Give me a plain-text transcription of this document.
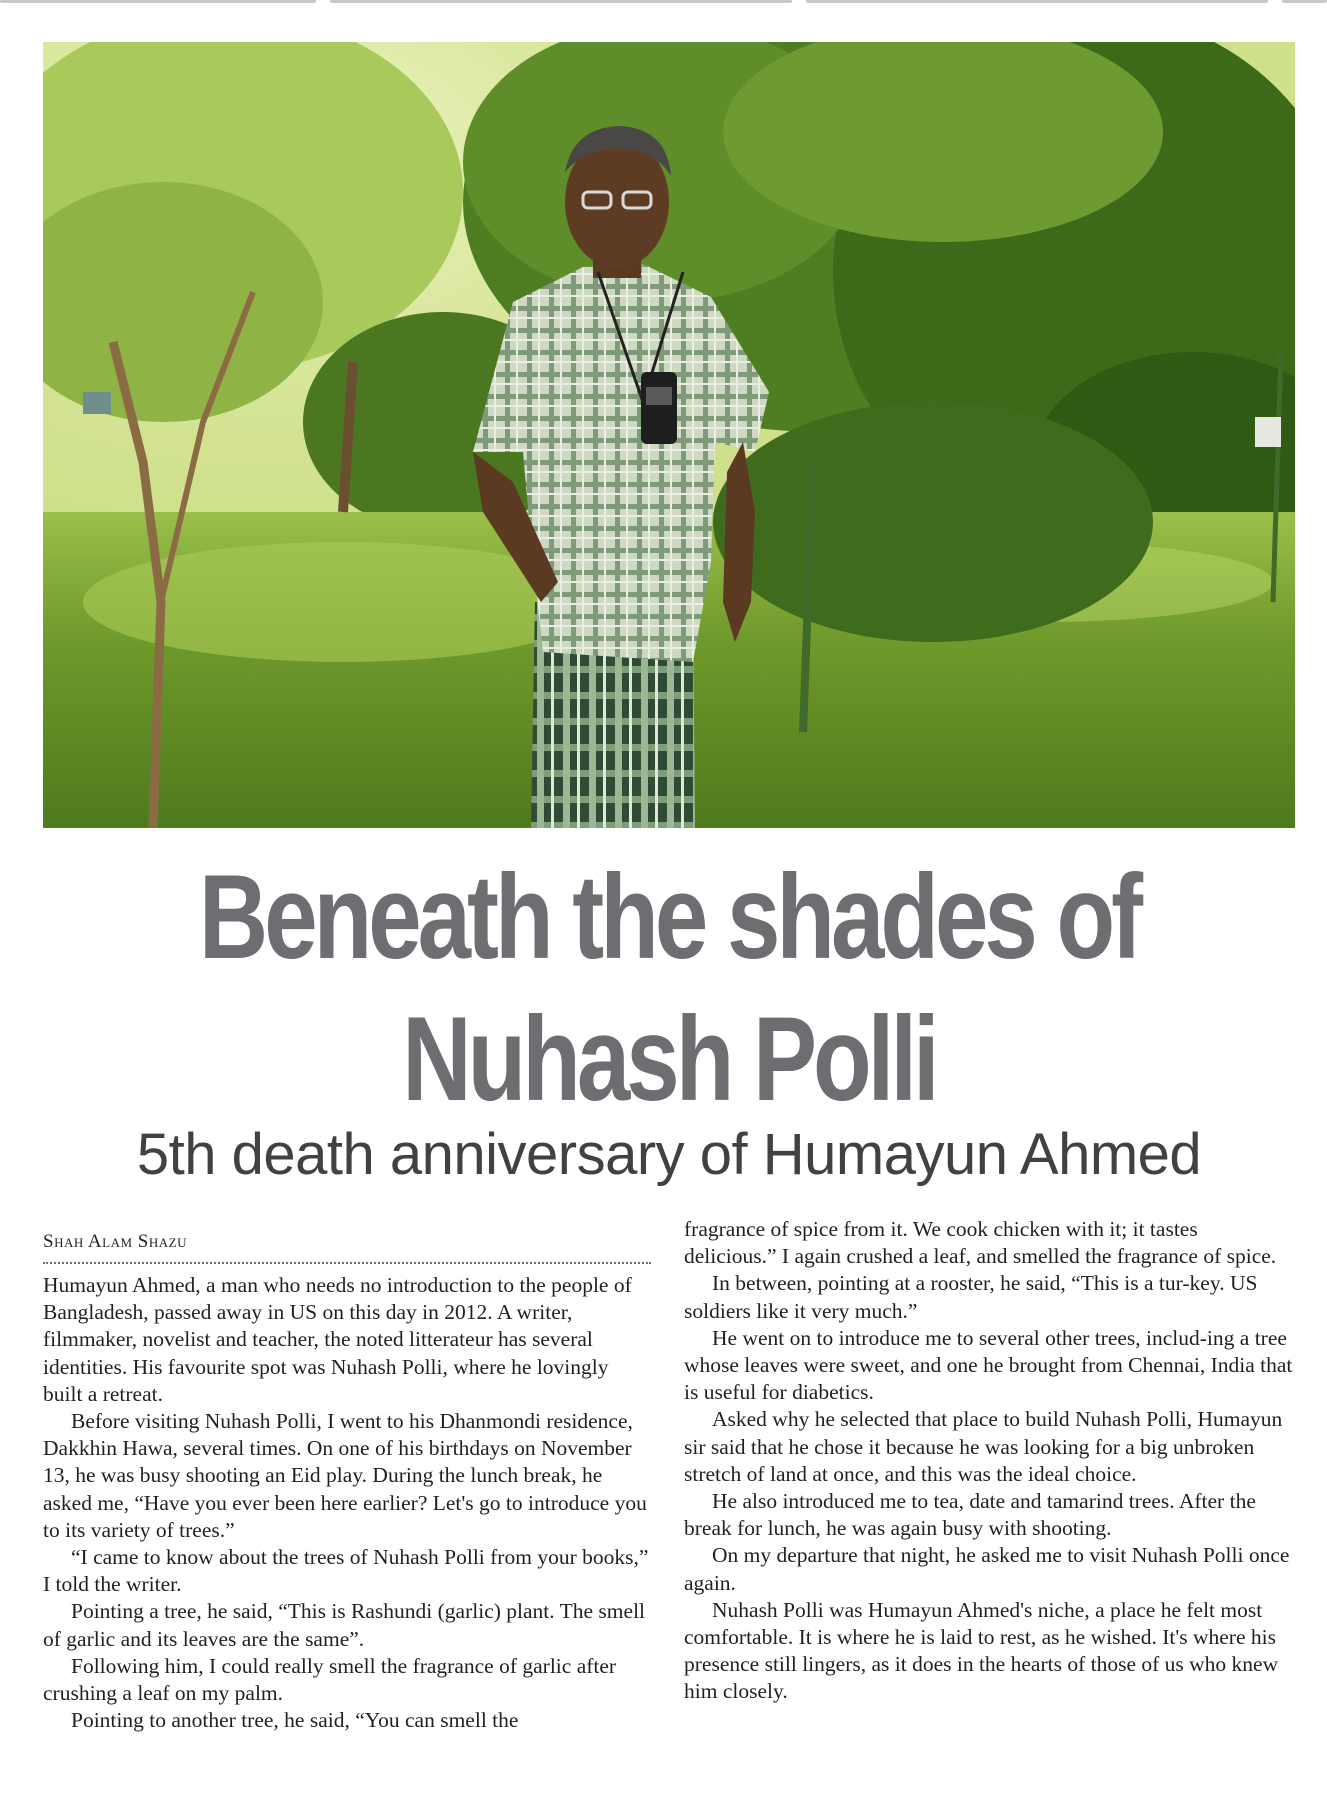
Beneath the shades of
Nuhash Polli
5th death anniversary of Humayun Ahmed
Shah Alam Shazu

Humayun Ahmed, a man who needs no introduction to the people of Bangladesh, passed away in US on this day in 2012. A writer, filmmaker, novelist and teacher, the noted litterateur has several identities. His favourite spot was Nuhash Polli, where he lovingly built a retreat.

Before visiting Nuhash Polli, I went to his Dhanmondi residence, Dakkhin Hawa, several times. On one of his birthdays on November 13, he was busy shooting an Eid play. During the lunch break, he asked me, “Have you ever been here earlier? Let's go to introduce you to its variety of trees.”

“I came to know about the trees of Nuhash Polli from your books,” I told the writer.

Pointing a tree, he said, “This is Rashundi (garlic) plant. The smell of garlic and its leaves are the same”.

Following him, I could really smell the fragrance of garlic after crushing a leaf on my palm.

Pointing to another tree, he said, “You can smell the

fragrance of spice from it. We cook chicken with it; it tastes delicious.” I again crushed a leaf, and smelled the fragrance of spice.

In between, pointing at a rooster, he said, “This is a tur-key. US soldiers like it very much.”

He went on to introduce me to several other trees, includ-ing a tree whose leaves were sweet, and one he brought from Chennai, India that is useful for diabetics.

Asked why he selected that place to build Nuhash Polli, Humayun sir said that he chose it because he was looking for a big unbroken stretch of land at once, and this was the ideal choice.

He also introduced me to tea, date and tamarind trees. After the break for lunch, he was again busy with shooting.

On my departure that night, he asked me to visit Nuhash Polli once again.

Nuhash Polli was Humayun Ahmed's niche, a place he felt most comfortable. It is where he is laid to rest, as he wished. It's where his presence still lingers, as it does in the hearts of those of us who knew him closely.
